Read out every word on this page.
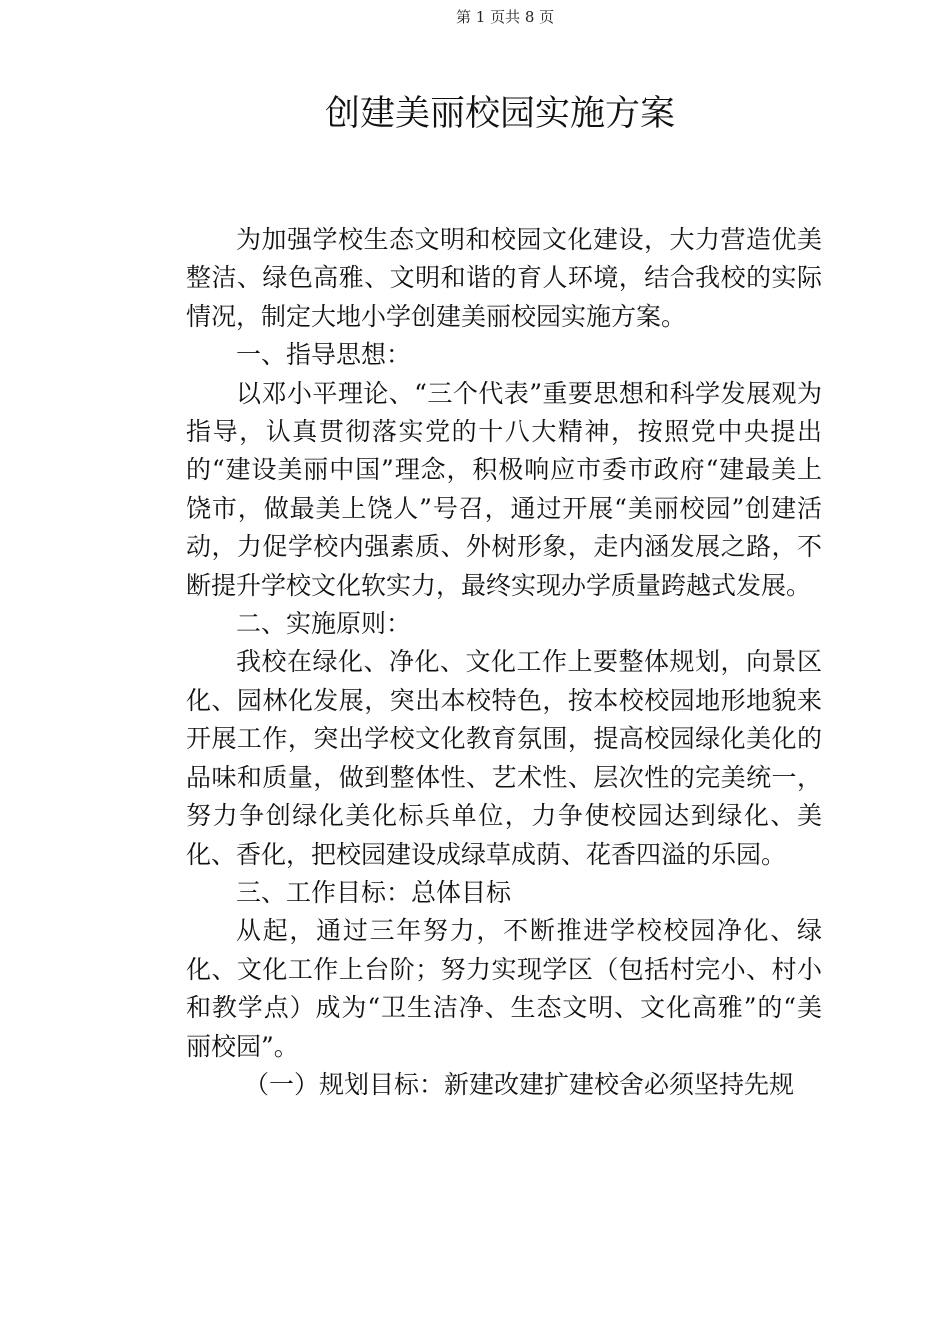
第 1 页共 8 页
创建美丽校园实施方案

为加强学校生态文明和校园文化建设，大力营造优美整洁、绿色高雅、文明和谐的育人环境，结合我校的实际情况，制定大地小学创建美丽校园实施方案。

一、指导思想：

以邓小平理论、“三个代表”重要思想和科学发展观为指导，认真贯彻落实党的十八大精神，按照党中央提出的“建设美丽中国”理念，积极响应市委市政府“建最美上饶市，做最美上饶人”号召，通过开展“美丽校园”创建活动，力促学校内强素质、外树形象，走内涵发展之路，不断提升学校文化软实力，最终实现办学质量跨越式发展。

二、实施原则：

我校在绿化、净化、文化工作上要整体规划，向景区化、园林化发展，突出本校特色，按本校校园地形地貌来开展工作，突出学校文化教育氛围，提高校园绿化美化的品味和质量，做到整体性、艺术性、层次性的完美统一，努力争创绿化美化标兵单位，力争使校园达到绿化、美化、香化，把校园建设成绿草成荫、花香四溢的乐园。

三、工作目标：总体目标

从起，通过三年努力，不断推进学校校园净化、绿化、文化工作上台阶；努力实现学区（包括村完小、村小和教学点）成为“卫生洁净、生态文明、文化高雅”的“美丽校园”。

（一）规划目标：新建改建扩建校舍必须坚持先规
